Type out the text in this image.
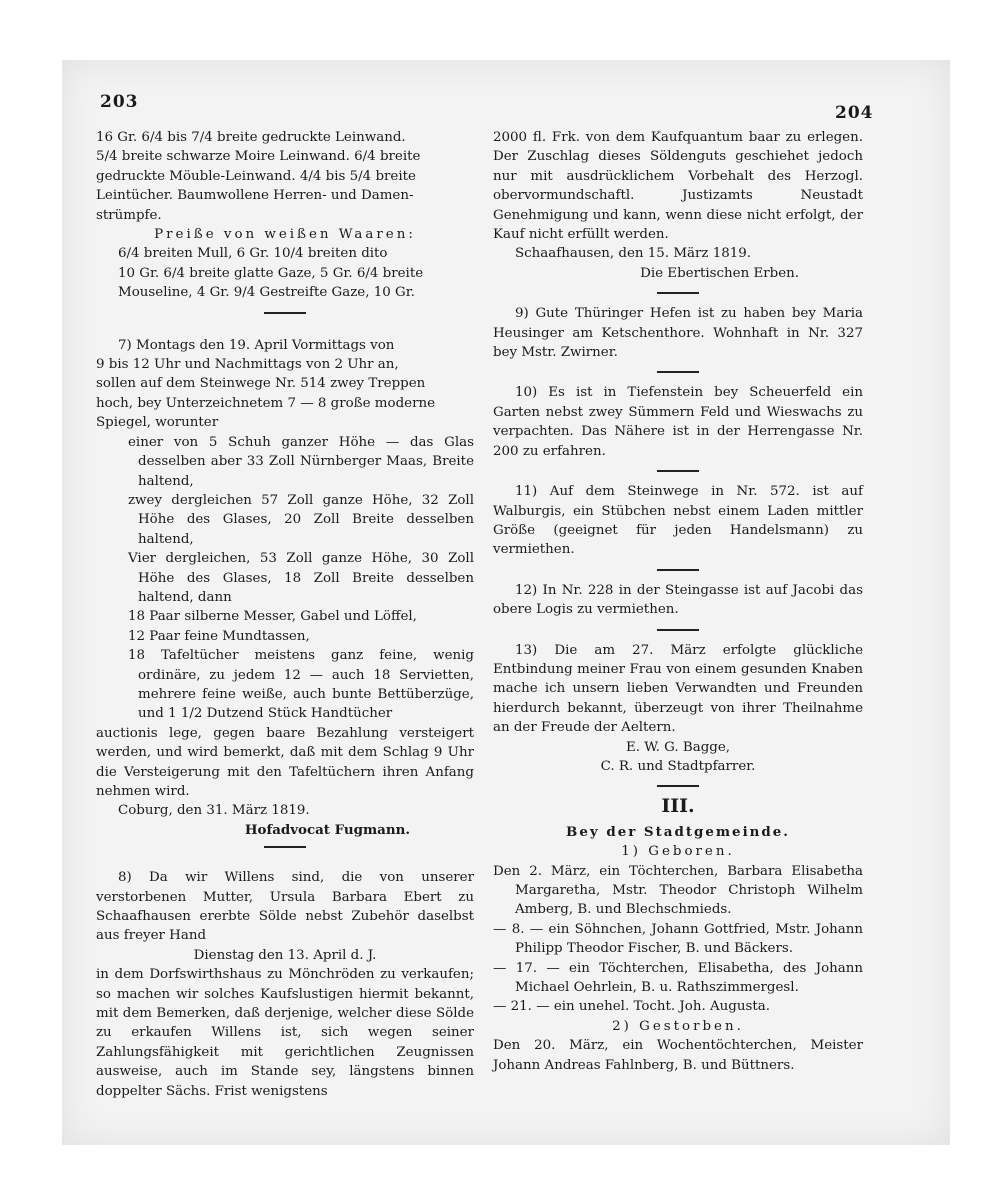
203
204

16 Gr. 6/4 bis 7/4 breite gedruckte Leinwand.
5/4 breite schwarze Moire Leinwand. 6/4 breite
gedruckte Möuble-Leinwand. 4/4 bis 5/4 breite
Leintücher. Baumwollene Herren- und Damen-
strümpfe.

Preiße von weißen Waaren:

6/4 breiten Mull, 6 Gr. 10/4 breiten dito
10 Gr. 6/4 breite glatte Gaze, 5 Gr. 6/4 breite
Mouseline, 4 Gr. 9/4 Gestreifte Gaze, 10 Gr.

7) Montags den 19. April Vormittags von
9 bis 12 Uhr und Nachmittags von 2 Uhr an,
sollen auf dem Steinwege Nr. 514 zwey Treppen
hoch, bey Unterzeichnetem 7 — 8 große moderne
Spiegel, worunter

einer von 5 Schuh ganzer Höhe — das Glas desselben aber 33 Zoll Nürnberger Maas, Breite haltend,

zwey dergleichen 57 Zoll ganze Höhe, 32 Zoll Höhe des Glases, 20 Zoll Breite desselben haltend,

Vier dergleichen, 53 Zoll ganze Höhe, 30 Zoll Höhe des Glases, 18 Zoll Breite desselben haltend, dann

18 Paar silberne Messer, Gabel und Löffel,

12 Paar feine Mundtassen,

18 Tafeltücher meistens ganz feine, wenig ordinäre, zu jedem 12 — auch 18 Servietten, mehrere feine weiße, auch bunte Bettüberzüge, und 1 1/2 Dutzend Stück Handtücher

auctionis lege, gegen baare Bezahlung versteigert werden, und wird bemerkt, daß mit dem Schlag 9 Uhr die Versteigerung mit den Tafeltüchern ihren Anfang nehmen wird.

Coburg, den 31. März 1819.

Hofadvocat Fugmann.

8) Da wir Willens sind, die von unserer verstorbenen Mutter, Ursula Barbara Ebert zu Schaafhausen ererbte Sölde nebst Zubehör daselbst aus freyer Hand

Dienstag den 13. April d. J.

in dem Dorfswirthshaus zu Mönchröden zu verkaufen; so machen wir solches Kaufslustigen hiermit bekannt, mit dem Bemerken, daß derjenige, welcher diese Sölde zu erkaufen Willens ist, sich wegen seiner Zahlungsfähigkeit mit gerichtlichen Zeugnissen ausweise, auch im Stande sey, längstens binnen doppelter Sächs. Frist wenigstens

2000 fl. Frk. von dem Kaufquantum baar zu erlegen. Der Zuschlag dieses Söldenguts geschiehet jedoch nur mit ausdrücklichem Vorbehalt des Herzogl. obervormundschaftl. Justizamts Neustadt Genehmigung und kann, wenn diese nicht erfolgt, der Kauf nicht erfüllt werden.

Schaafhausen, den 15. März 1819.

Die Ebertischen Erben.

9) Gute Thüringer Hefen ist zu haben bey Maria Heusinger am Ketschenthore. Wohnhaft in Nr. 327 bey Mstr. Zwirner.

10) Es ist in Tiefenstein bey Scheuerfeld ein Garten nebst zwey Sümmern Feld und Wieswachs zu verpachten. Das Nähere ist in der Herrengasse Nr. 200 zu erfahren.

11) Auf dem Steinwege in Nr. 572. ist auf Walburgis, ein Stübchen nebst einem Laden mittler Größe (geeignet für jeden Handelsmann) zu vermiethen.

12) In Nr. 228 in der Steingasse ist auf Jacobi das obere Logis zu vermiethen.

13) Die am 27. März erfolgte glückliche Entbindung meiner Frau von einem gesunden Knaben mache ich unsern lieben Verwandten und Freunden hierdurch bekannt, überzeugt von ihrer Theilnahme an der Freude der Aeltern.

E. W. G. Bagge,

C. R. und Stadtpfarrer.

III.

Bey der Stadtgemeinde.

1) Geboren.

Den 2. März, ein Töchterchen, Barbara Elisabetha Margaretha, Mstr. Theodor Christoph Wilhelm Amberg, B. und Blechschmieds.

— 8. — ein Söhnchen, Johann Gottfried, Mstr. Johann Philipp Theodor Fischer, B. und Bäckers.

— 17. — ein Töchterchen, Elisabetha, des Johann Michael Oehrlein, B. u. Rathszimmergesl.

— 21. — ein unehel. Tocht. Joh. Augusta.

2) Gestorben.

Den 20. März, ein Wochentöchterchen, Meister Johann Andreas Fahlnberg, B. und Büttners.
